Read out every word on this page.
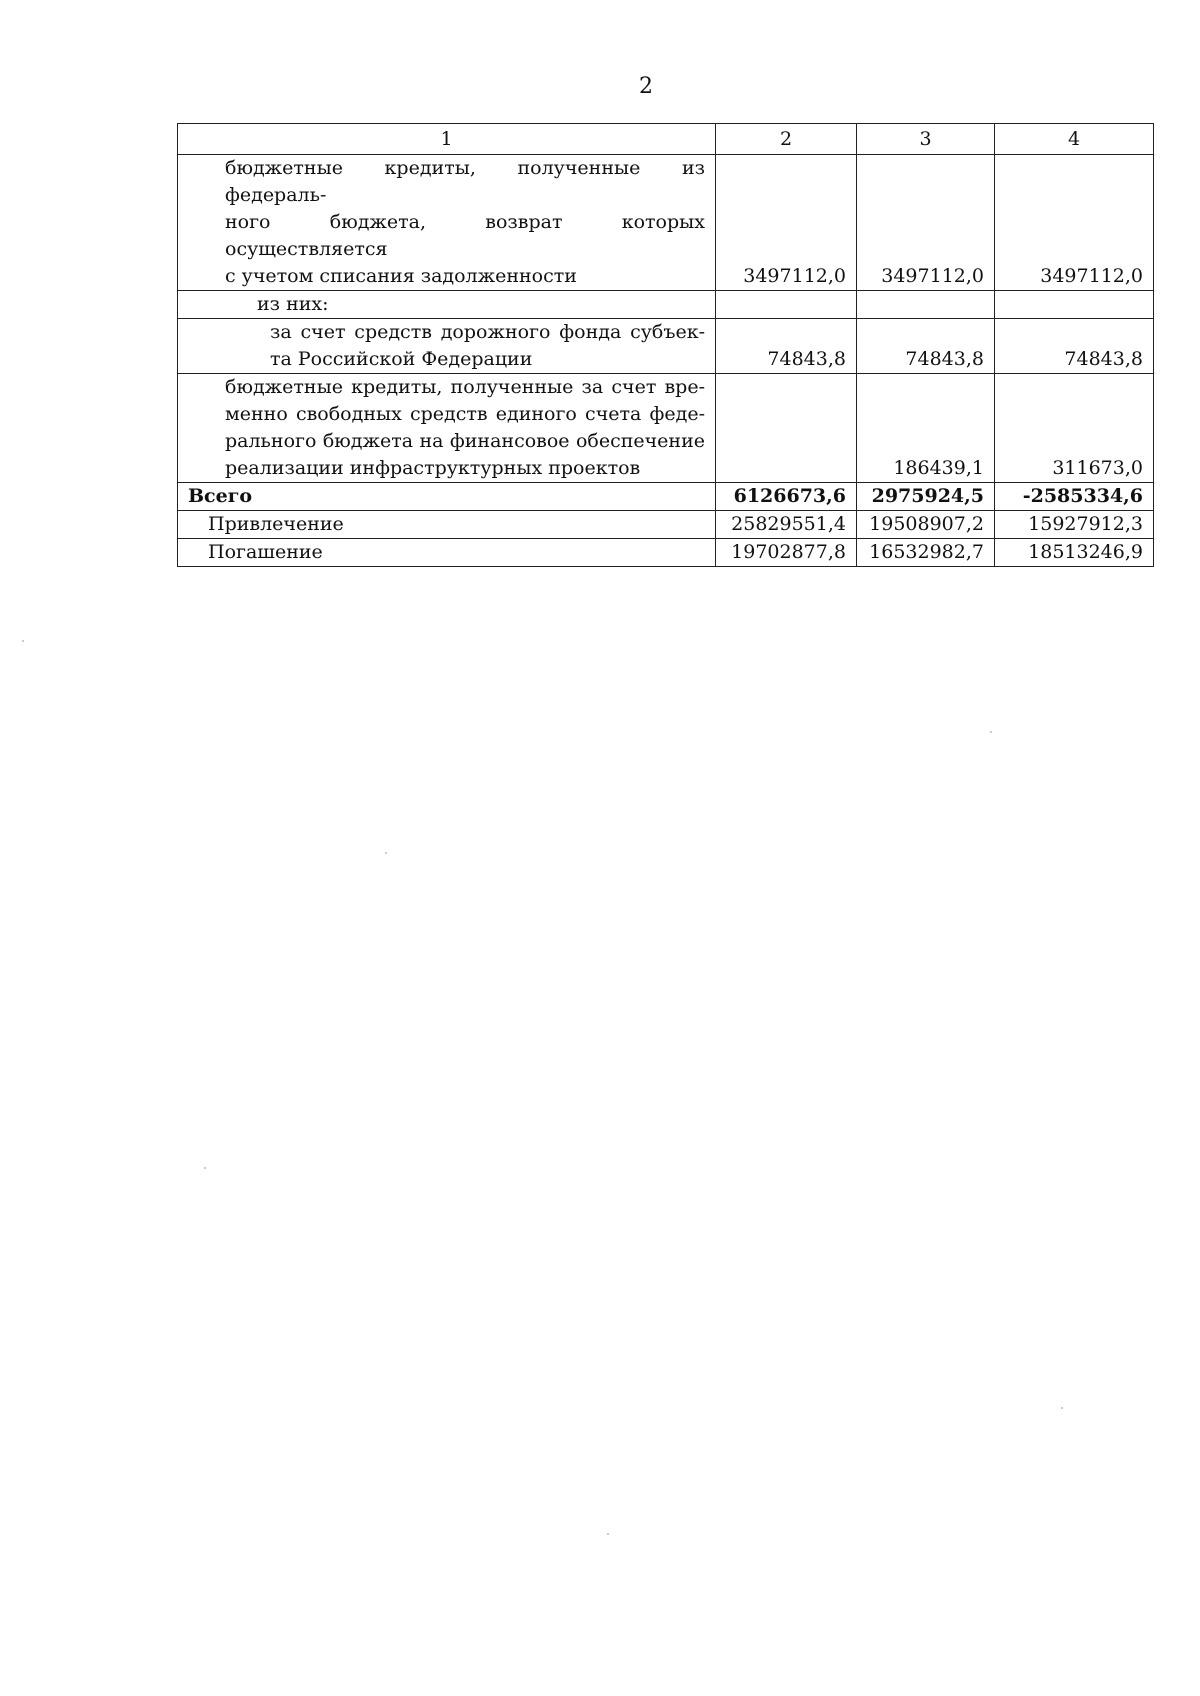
2
1	2	3	4

бюджетные кредиты, полученные из федераль-
ного бюджета, возврат которых осуществляется
с учетом списания задолженности	3497112,0	3497112,0	3497112,0
из них:			

за счет средств дорожного фонда субъек-
та Российской Федерации	74843,8	74843,8	74843,8

бюджетные кредиты, полученные за счет вре-
менно свободных средств единого счета феде-
рального бюджета на финансовое обеспечение
реализации инфраструктурных проектов		186439,1	311673,0
Всего	6126673,6	2975924,5	-2585334,6
Привлечение	25829551,4	19508907,2	15927912,3
Погашение	19702877,8	16532982,7	18513246,9
